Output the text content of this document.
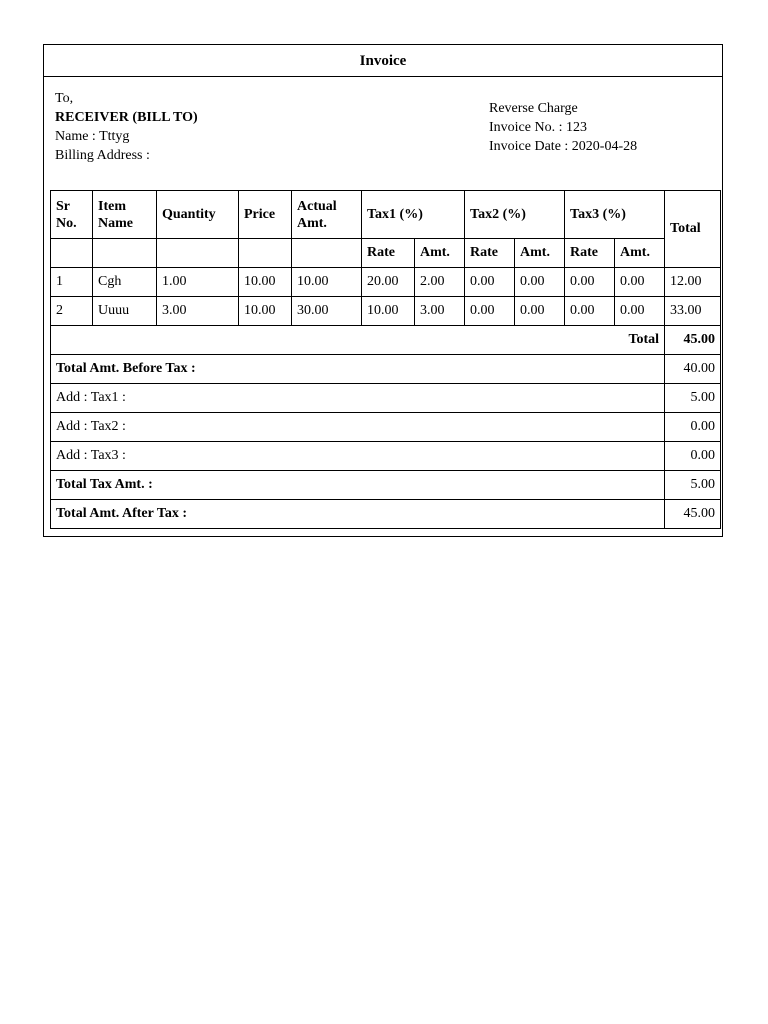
Invoice
To,
RECEIVER (BILL TO)
Name : Tttyg
Billing Address :
Reverse Charge
Invoice No. : 123
Invoice Date : 2020-04-28
Sr No.	Item Name	Quantity	Price	Actual Amt.	Tax1 (%)		Tax2 (%)		Tax3 (%)		Total
					Rate	Amt.	Rate	Amt.	Rate	Amt.	
1	Cgh	1.00	10.00	10.00	20.00	2.00	0.00	0.00	0.00	0.00	12.00
2	Uuuu	3.00	10.00	30.00	10.00	3.00	0.00	0.00	0.00	0.00	33.00
Total											45.00
Total Amt. Before Tax :											40.00
Add : Tax1 :											5.00
Add : Tax2 :											0.00
Add : Tax3 :											0.00
Total Tax Amt. :											5.00
Total Amt. After Tax :											45.00
